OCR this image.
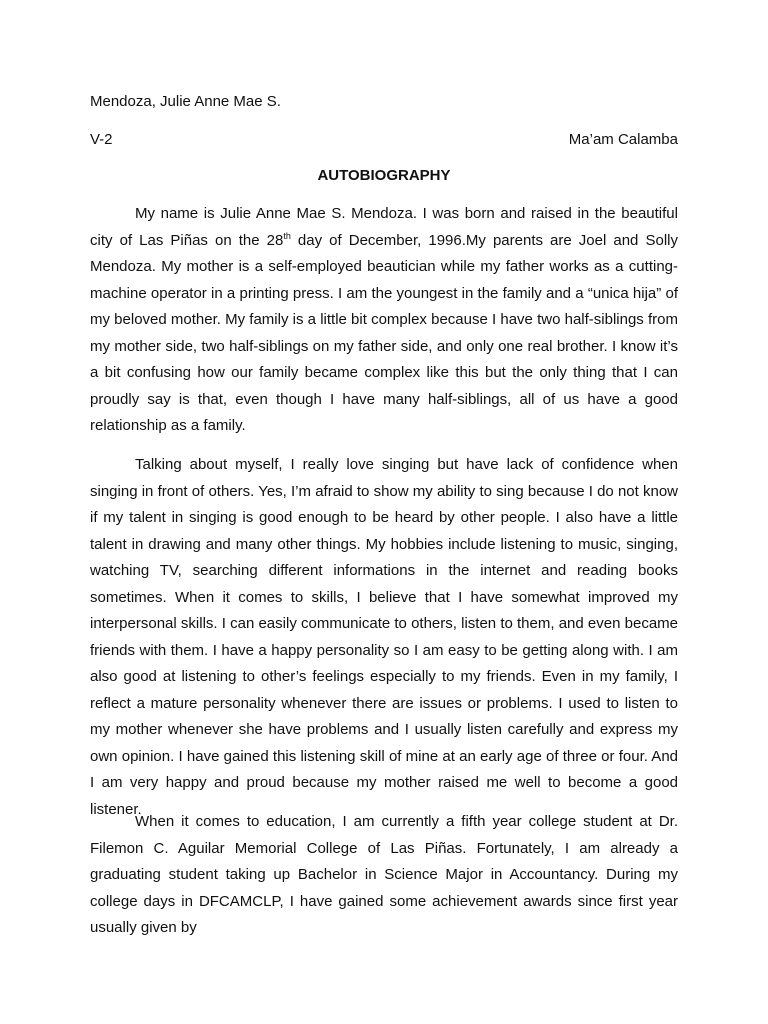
Mendoza, Julie Anne Mae S.
V-2	Ma’am Calamba
AUTOBIOGRAPHY

My name is Julie Anne Mae S. Mendoza. I was born and raised in the beautiful city of Las Piñas on the 28th day of December, 1996.My parents are Joel and Solly Mendoza. My mother is a self-employed beautician while my father works as a cutting-machine operator in a printing press. I am the youngest in the family and a “unica hija” of my beloved mother. My family is a little bit complex because I have two half-siblings from my mother side, two half-siblings on my father side, and only one real brother. I know it’s a bit confusing how our family became complex like this but the only thing that I can proudly say is that, even though I have many half-siblings, all of us have a good relationship as a family.

Talking about myself, I really love singing but have lack of confidence when singing in front of others. Yes, I’m afraid to show my ability to sing because I do not know if my talent in singing is good enough to be heard by other people. I also have a little talent in drawing and many other things. My hobbies include listening to music, singing, watching TV, searching different informations in the internet and reading books sometimes. When it comes to skills, I believe that I have somewhat improved my interpersonal skills. I can easily communicate to others, listen to them, and even became friends with them. I have a happy personality so I am easy to be getting along with. I am also good at listening to other’s feelings especially to my friends. Even in my family, I reflect a mature personality whenever there are issues or problems. I used to listen to my mother whenever she have problems and I usually listen carefully and express my own opinion. I have gained this listening skill of mine at an early age of three or four. And I am very happy and proud because my mother raised me well to become a good listener.

When it comes to education, I am currently a fifth year college student at Dr. Filemon C. Aguilar Memorial College of Las Piñas. Fortunately, I am already a graduating student taking up Bachelor in Science Major in Accountancy. During my college days in DFCAMCLP, I have gained some achievement awards since first year usually given by
